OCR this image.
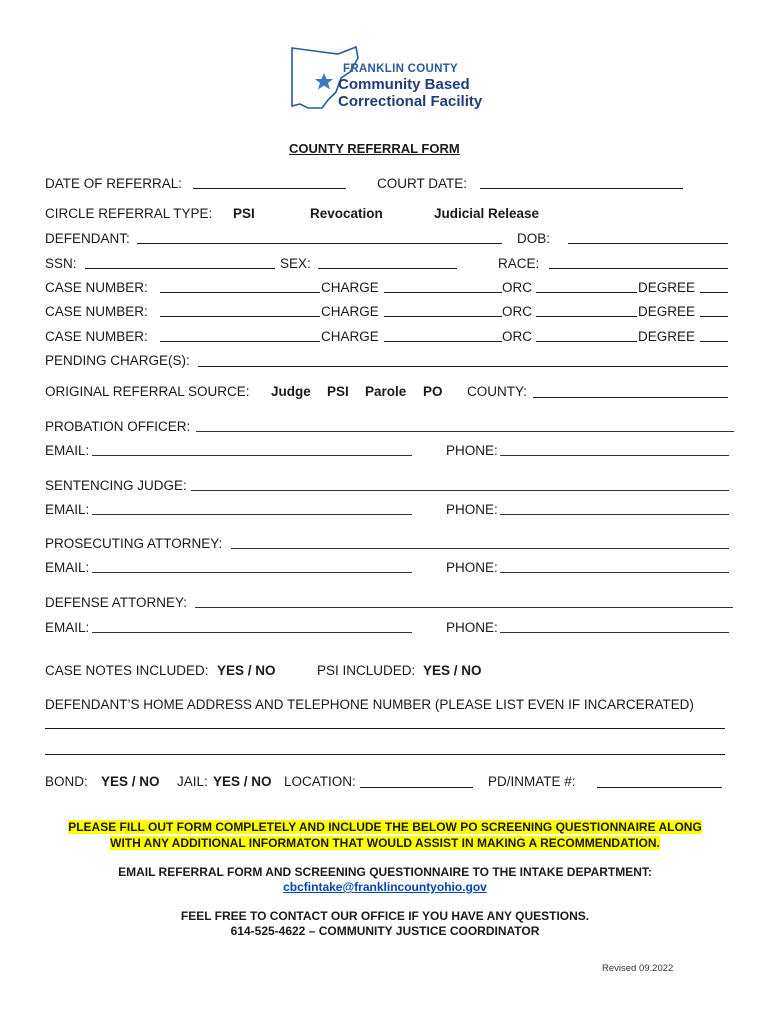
FRANKLIN COUNTY
Community Based
Correctional Facility
COUNTY REFERRAL FORM
DATE OF REFERRAL:	COURT DATE:
CIRCLE REFERRAL TYPE: PSI	Revocation	Judicial Release
DEFENDANT:	DOB:
SSN:	SEX:	RACE:
CASE NUMBER:	CHARGE	ORC	DEGREE
CASE NUMBER:	CHARGE	ORC	DEGREE
CASE NUMBER:	CHARGE	ORC	DEGREE
PENDING CHARGE(S):
ORIGINAL REFERRAL SOURCE: Judge PSI Parole PO COUNTY:
PROBATION OFFICER:
EMAIL:	PHONE:
SENTENCING JUDGE:
EMAIL:	PHONE:
PROSECUTING ATTORNEY:
EMAIL:	PHONE:
DEFENSE ATTORNEY:
EMAIL:	PHONE:
CASE NOTES INCLUDED: YES / NO	PSI INCLUDED: YES / NO
DEFENDANT’S HOME ADDRESS AND TELEPHONE NUMBER (PLEASE LIST EVEN IF INCARCERATED)
BOND: YES / NO JAIL: YES / NO LOCATION:	PD/INMATE #:
PLEASE FILL OUT FORM COMPLETELY AND INCLUDE THE BELOW PO SCREENING QUESTIONNAIRE ALONG
WITH ANY ADDITIONAL INFORMATON THAT WOULD ASSIST IN MAKING A RECOMMENDATION.
EMAIL REFERRAL FORM AND SCREENING QUESTIONNAIRE TO THE INTAKE DEPARTMENT:
cbcfintake@franklincountyohio.gov
FEEL FREE TO CONTACT OUR OFFICE IF YOU HAVE ANY QUESTIONS.
614-525-4622 – COMMUNITY JUSTICE COORDINATOR
Revised 09.2022
